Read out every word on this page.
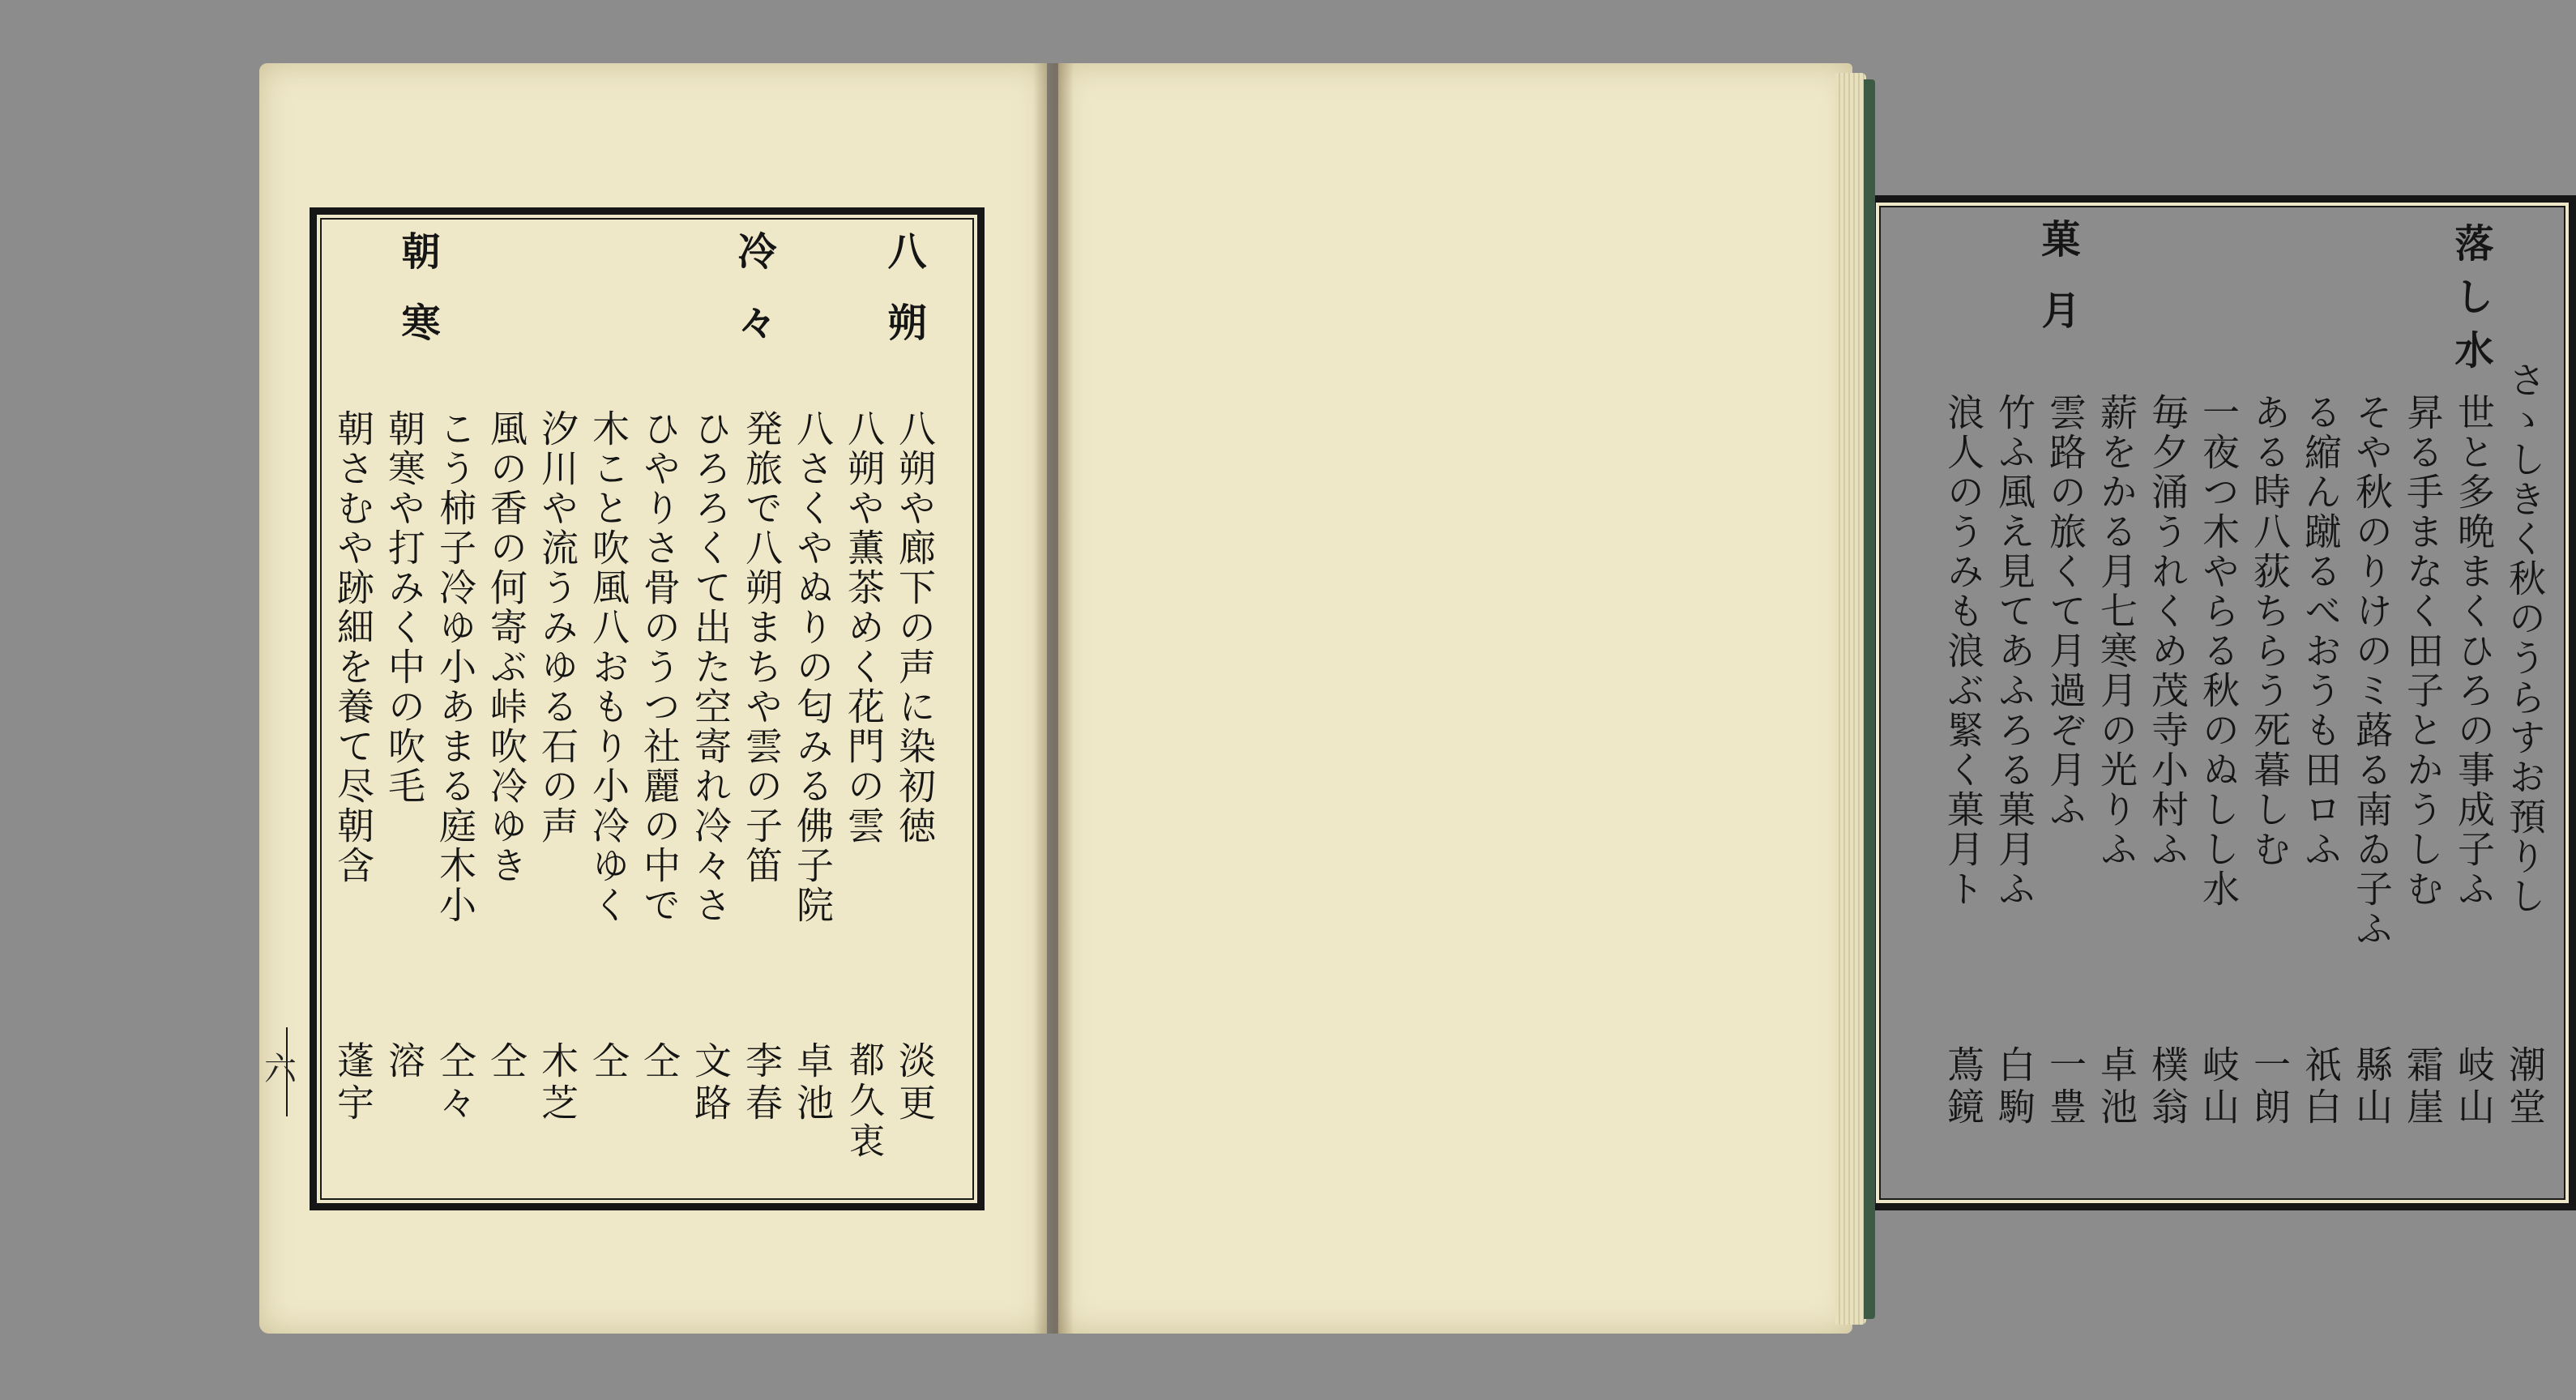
八朔
冷々
朝寒
八朔や廊下の声に染初徳
八朔や薫茶めく花門の雲
八さくやぬりの匂みる佛子院
発旅で八朔まちや雲の子笛
ひろろくて出た空寄れ冷々さ
ひやりさ骨のうつ社麗の中で
木こと吹風八おもり小冷ゆく
汐川や流うみゆる石の声
風の香の何寄ぶ峠吹冷ゆき
こう柿子冷ゆ小あまる庭木小
朝寒や打みく中の吹毛
朝さむや跡細を養て尽朝含
淡更
都久衷
卓池
李春
文路
仝
仝
木芝
仝
仝々
溶
蓬宇
六
落し水
菓月
さゝしきく秋のうらすお預りし
世と多晩まくひろの事成子ふ
昇る手まなく田子とかうしむ
そや秋のりけのミ蕗る南ゐ子ふ
る縮ん蹴るべおうも田ロふ
ある時八荻ちらう死暮しむ
一夜つ木やらる秋のぬしし水
毎夕涌うれくめ茂寺小村ふ
薪をかる月七寒月の光りふ
雲路の旅くて月過ぞ月ふ
竹ふ風え見てあふろる菓月ふ
浪人のうみも浪ぶ緊く菓月ト
潮堂
岐山
霜崖
縣山
祇白
一朗
岐山
樸翁
卓池
一豊
白駒
蔦鏡
